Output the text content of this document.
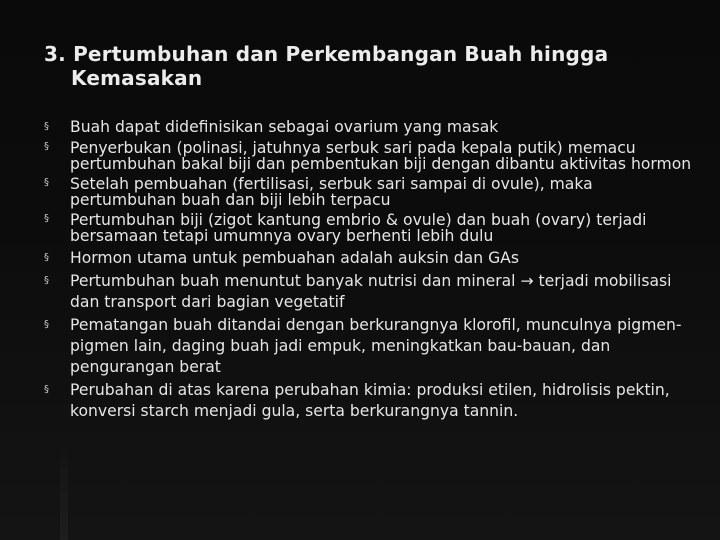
3. Pertumbuhan dan Perkembangan Buah hingga
Kemasakan
§	Buah dapat didefinisikan sebagai ovarium yang masak
§	Penyerbukan (polinasi, jatuhnya serbuk sari pada kepala putik) memacu pertumbuhan bakal biji dan pembentukan biji dengan dibantu aktivitas hormon
§	Setelah pembuahan (fertilisasi, serbuk sari sampai di ovule), maka pertumbuhan buah dan biji lebih terpacu
§	Pertumbuhan biji (zigot kantung embrio & ovule) dan buah (ovary) terjadi bersamaan tetapi umumnya ovary berhenti lebih dulu
§	Hormon utama untuk pembuahan adalah auksin dan GAs
§	Pertumbuhan buah menuntut banyak nutrisi dan mineral → terjadi mobilisasi dan transport dari bagian vegetatif
§	Pematangan buah ditandai dengan berkurangnya klorofil, munculnya pigmen-pigmen lain, daging buah jadi empuk, meningkatkan bau-bauan, dan pengurangan berat
§	Perubahan di atas karena perubahan kimia: produksi etilen, hidrolisis pektin, konversi starch menjadi gula, serta berkurangnya tannin.
